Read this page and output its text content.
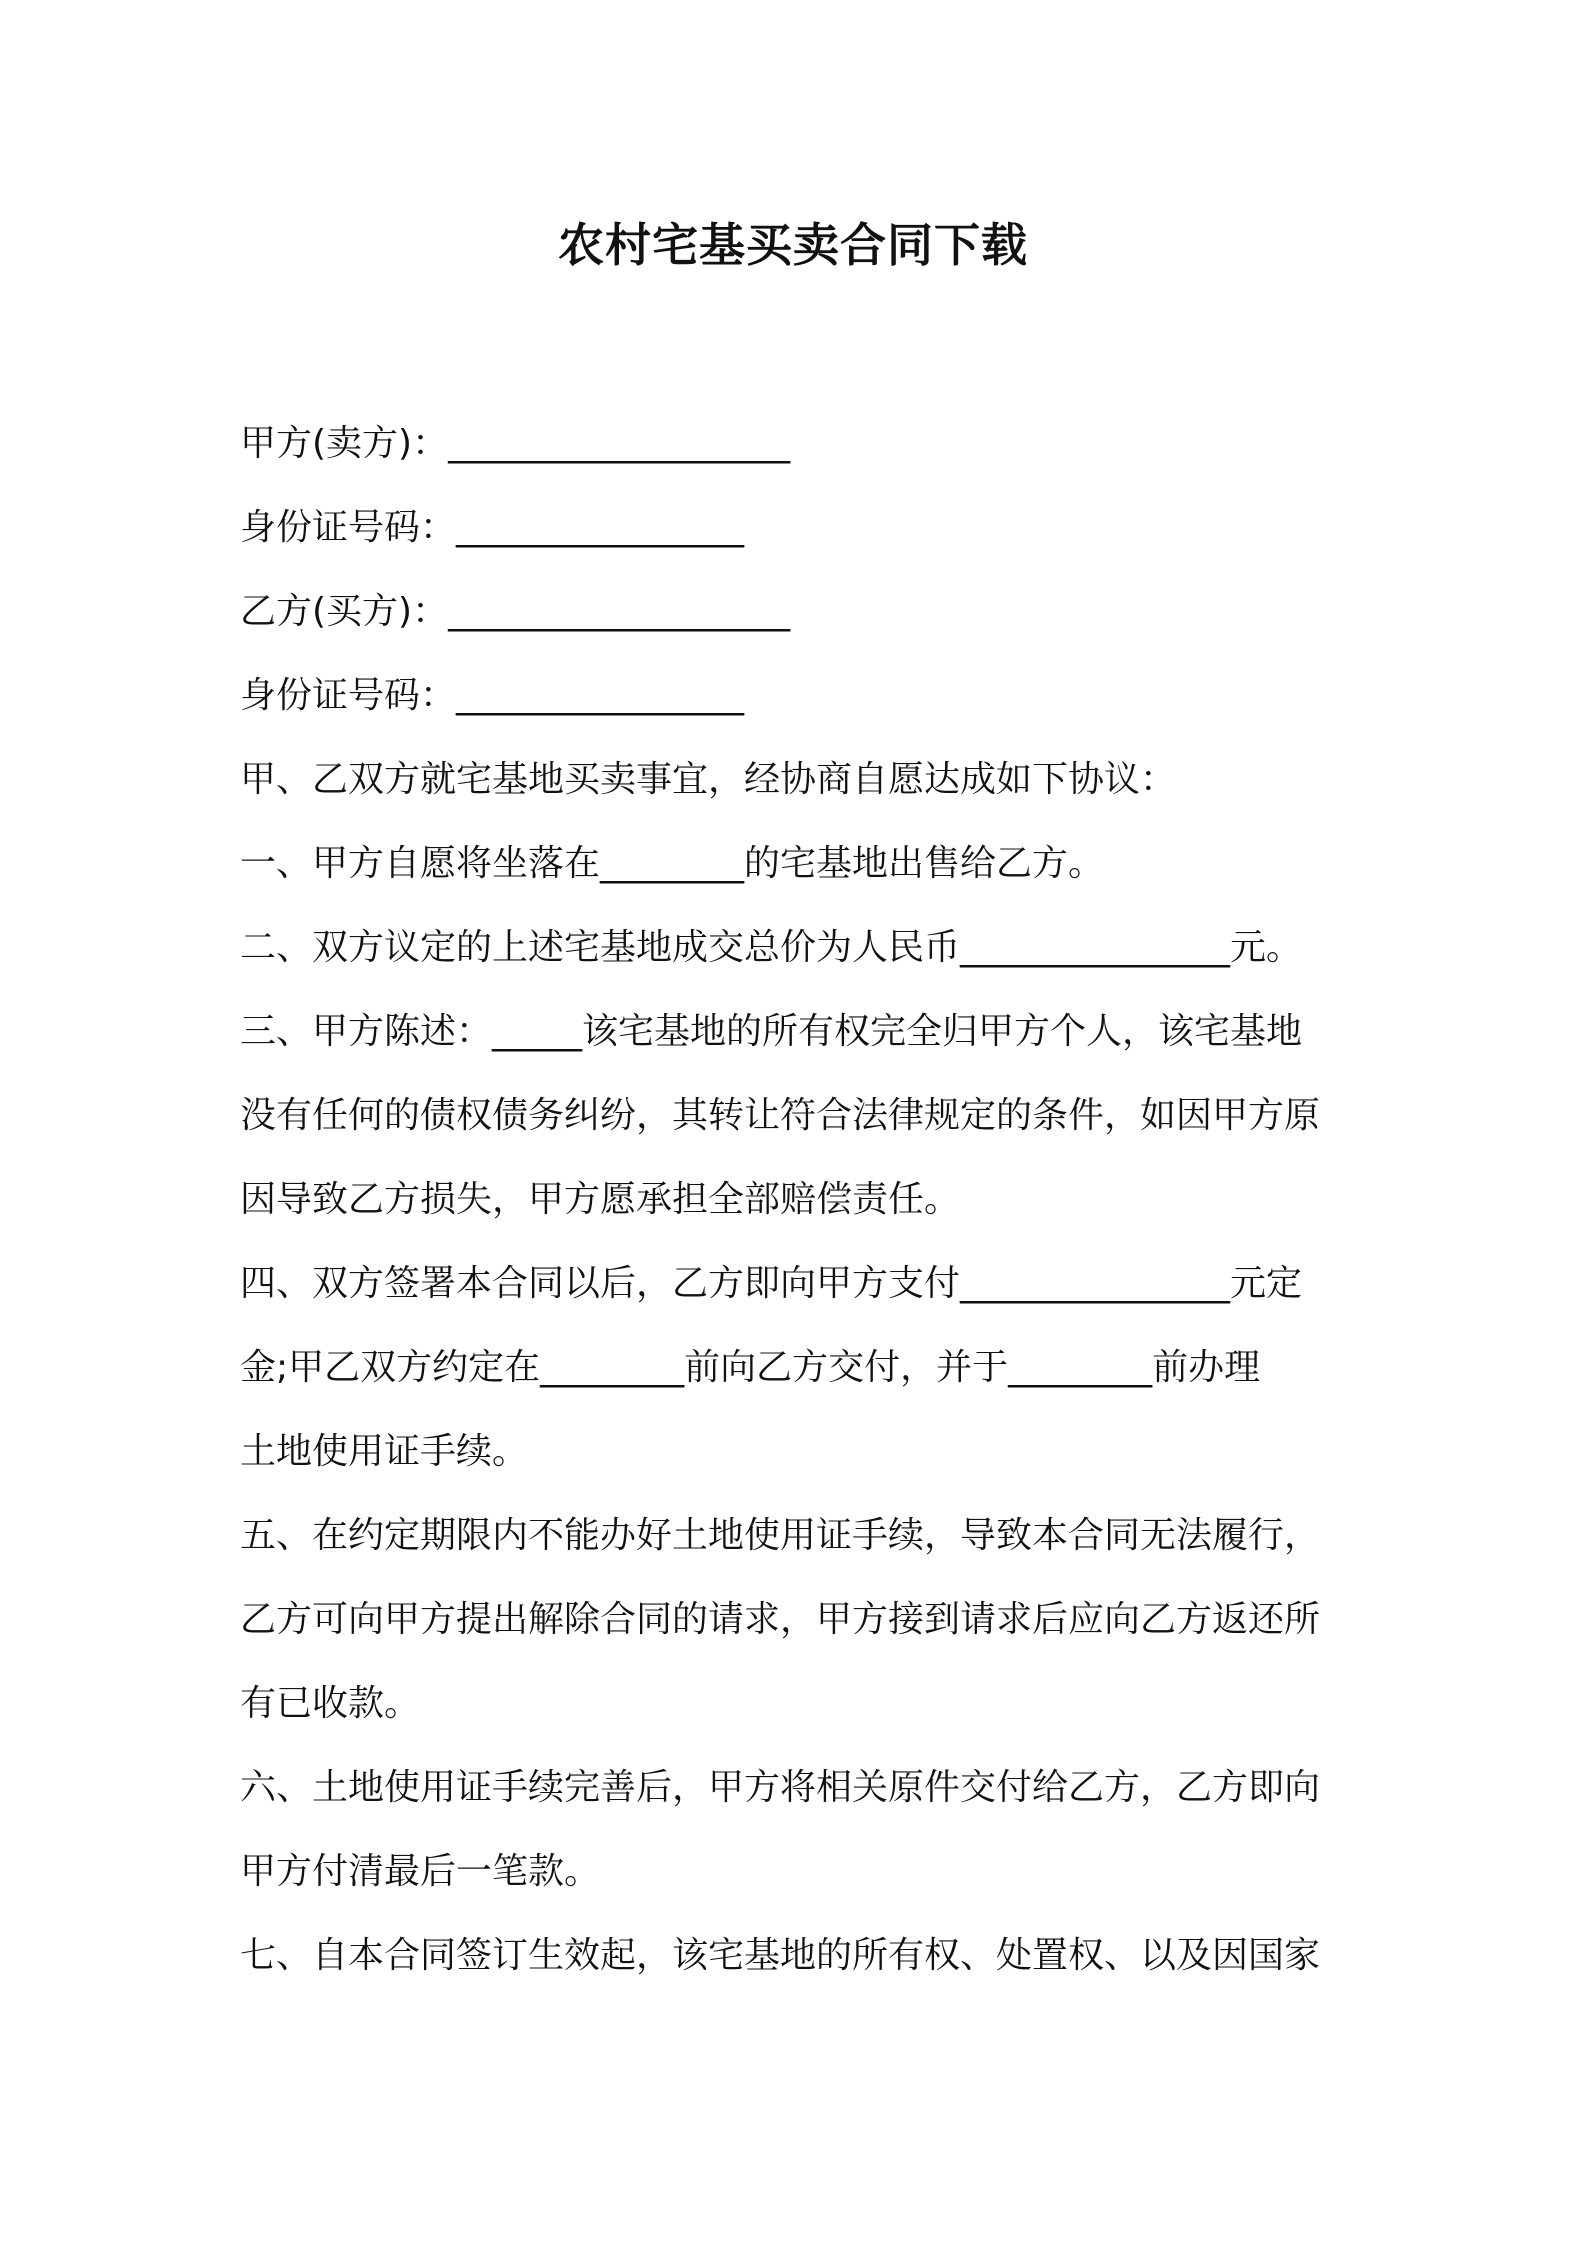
农村宅基买卖合同下载
甲方(卖方)：___________________
身份证号码：________________
乙方(买方)：___________________
身份证号码：________________
甲、乙双方就宅基地买卖事宜，经协商自愿达成如下协议：
一、甲方自愿将坐落在________的宅基地出售给乙方。
二、双方议定的上述宅基地成交总价为人民币_______________元。
三、甲方陈述：_____该宅基地的所有权完全归甲方个人，该宅基地
没有任何的债权债务纠纷，其转让符合法律规定的条件，如因甲方原
因导致乙方损失，甲方愿承担全部赔偿责任。
四、双方签署本合同以后，乙方即向甲方支付_______________元定
金;甲乙双方约定在________前向乙方交付，并于________前办理
土地使用证手续。
五、在约定期限内不能办好土地使用证手续，导致本合同无法履行，
乙方可向甲方提出解除合同的请求，甲方接到请求后应向乙方返还所
有已收款。
六、土地使用证手续完善后，甲方将相关原件交付给乙方，乙方即向
甲方付清最后一笔款。
七、自本合同签订生效起，该宅基地的所有权、处置权、以及因国家
